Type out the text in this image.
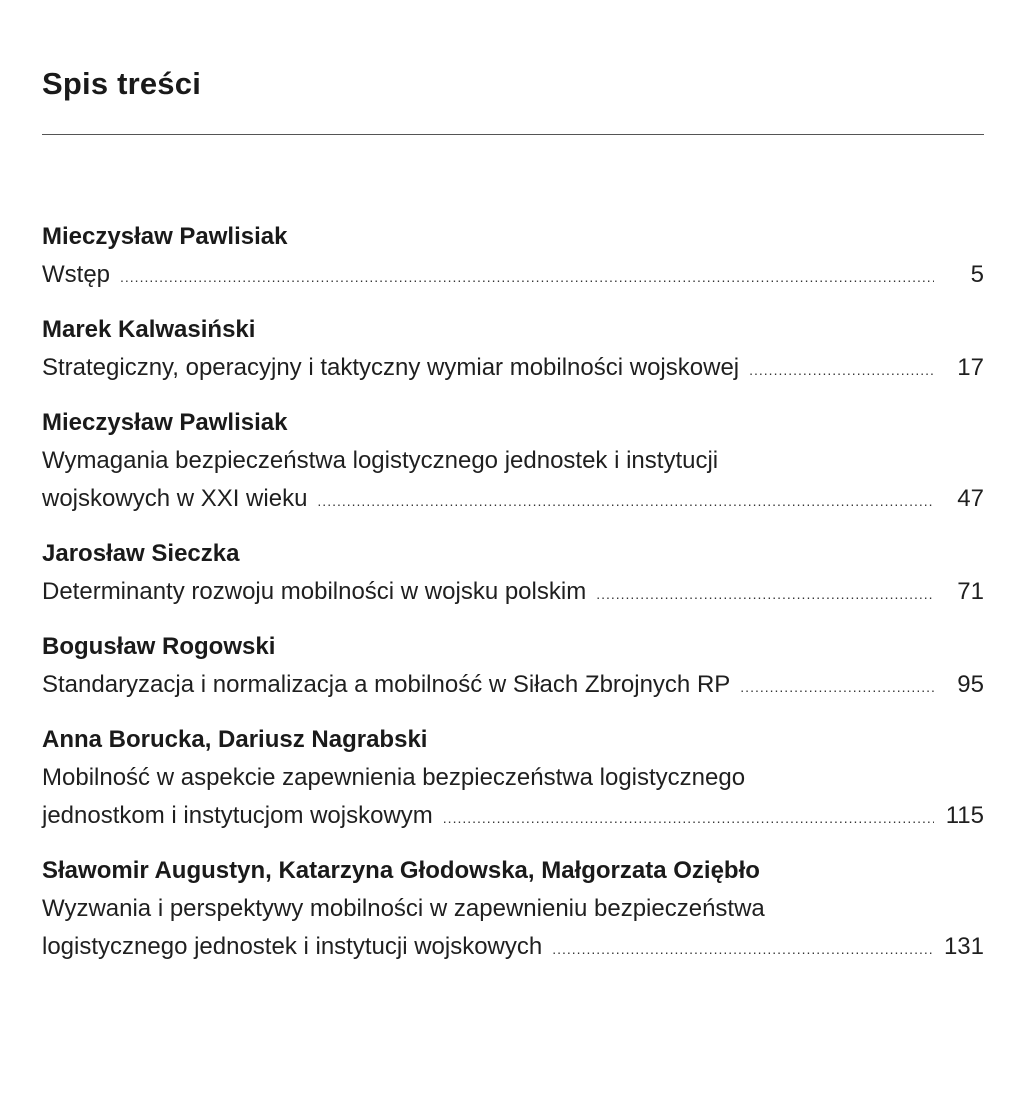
Spis treści
Mieczysław Pawlisiak
Wstęp .....	5
Marek Kalwasiński
Strategiczny, operacyjny i taktyczny wymiar mobilności wojskowej .....	17
Mieczysław Pawlisiak
Wymagania bezpieczeństwa logistycznego jednostek i instytucji
wojskowych w XXI wieku .....	47
Jarosław Sieczka
Determinanty rozwoju mobilności w wojsku polskim .....	71
Bogusław Rogowski
Standaryzacja i normalizacja a mobilność w Siłach Zbrojnych RP .....	95
Anna Borucka, Dariusz Nagrabski
Mobilność w aspekcie zapewnienia bezpieczeństwa logistycznego
jednostkom i instytucjom wojskowym .....	115
Sławomir Augustyn, Katarzyna Głodowska, Małgorzata Oziębło
Wyzwania i perspektywy mobilności w zapewnieniu bezpieczeństwa
logistycznego jednostek i instytucji wojskowych .....	131
